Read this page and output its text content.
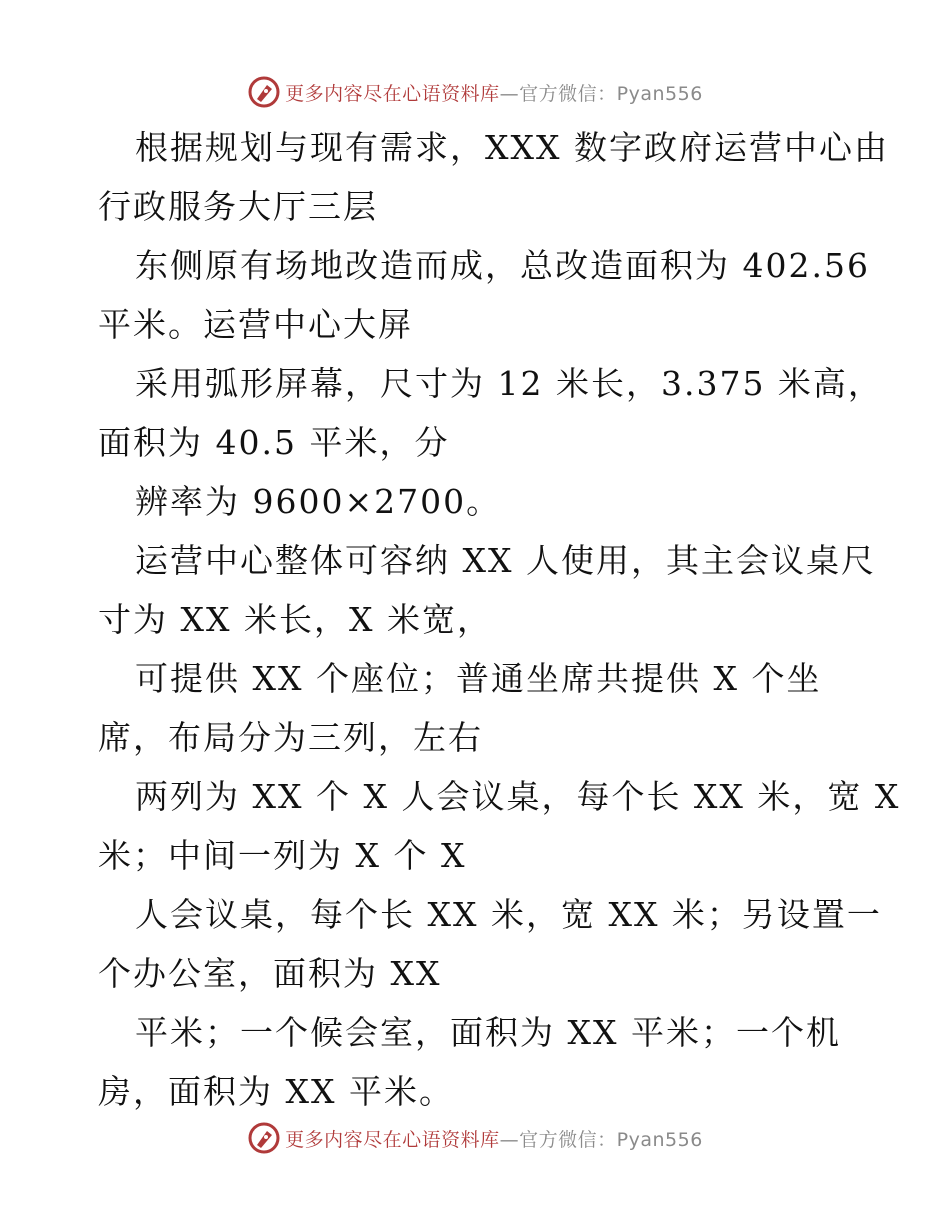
更多内容尽在心语资料库—官方微信：Pyan556
根据规划与现有需求，XXX 数字政府运营中心由
行政服务大厅三层
东侧原有场地改造而成，总改造面积为 402.56
平米。运营中心大屏
采用弧形屏幕，尺寸为 12 米长，3.375 米高，
面积为 40.5 平米，分
辨率为 9600×2700。
运营中心整体可容纳 XX 人使用，其主会议桌尺
寸为 XX 米长，X 米宽，
可提供 XX 个座位；普通坐席共提供 X 个坐
席，布局分为三列，左右
两列为 XX 个 X 人会议桌，每个长 XX 米，宽 X
米；中间一列为 X 个 X
人会议桌，每个长 XX 米，宽 XX 米；另设置一
个办公室，面积为 XX
平米；一个候会室，面积为 XX 平米；一个机
房，面积为 XX 平米。
更多内容尽在心语资料库—官方微信：Pyan556
